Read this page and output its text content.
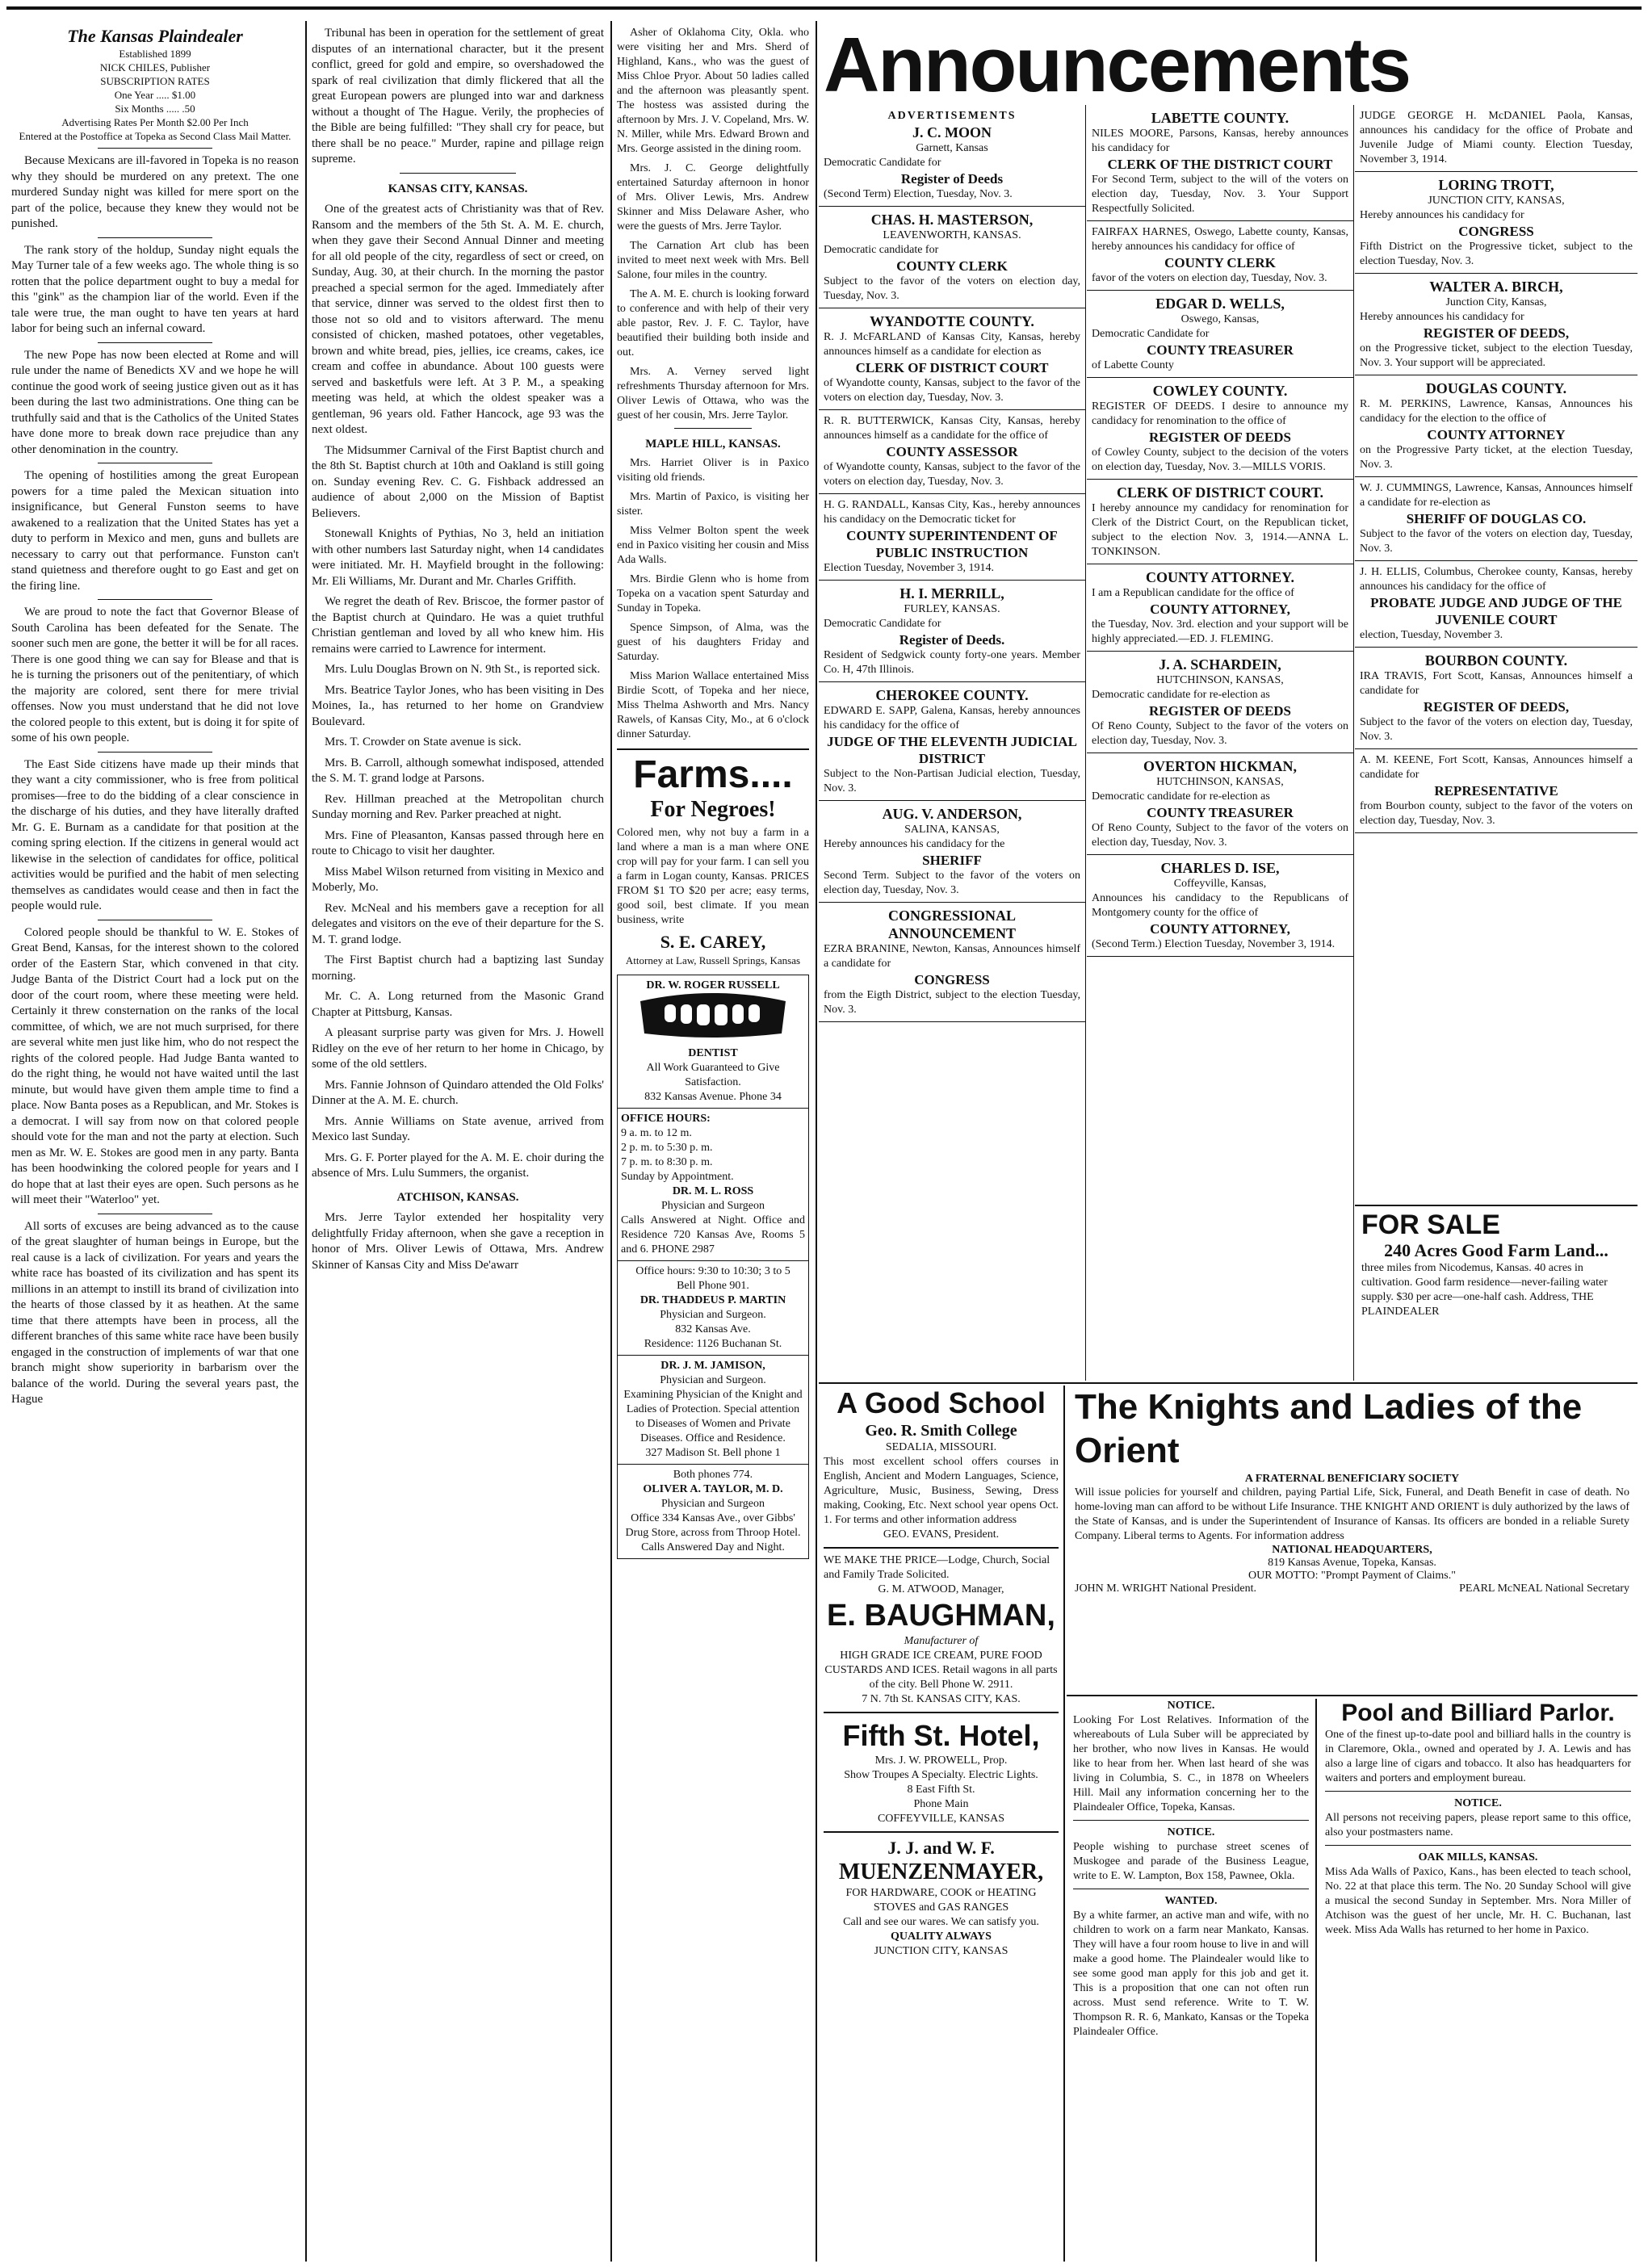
The Kansas Plaindealer
Established 1899
NICK CHILES, Publisher
SUBSCRIPTION RATES
One Year ..... $1.00
Six Months ..... .50
Advertising Rates Per Month $2.00 Per Inch
Entered at the Postoffice at Topeka as Second Class Mail Matter.

Because Mexicans are ill-favored in Topeka is no reason why they should be murdered on any pretext. The one murdered Sunday night was killed for mere sport on the part of the police, because they knew they would not be punished.

The rank story of the holdup, Sunday night equals the May Turner tale of a few weeks ago. The whole thing is so rotten that the police department ought to buy a medal for this "gink" as the champion liar of the world. Even if the tale were true, the man ought to have ten years at hard labor for being such an infernal coward.

The new Pope has now been elected at Rome and will rule under the name of Benedicts XV and we hope he will continue the good work of seeing justice given out as it has been during the last two administrations. One thing can be truthfully said and that is the Catholics of the United States have done more to break down race prejudice than any other denomination in the country.

The opening of hostilities among the great European powers for a time paled the Mexican situation into insignificance, but General Funston seems to have awakened to a realization that the United States has yet a duty to perform in Mexico and men, guns and bullets are necessary to carry out that performance. Funston can't stand quietness and therefore ought to go East and get on the firing line.

We are proud to note the fact that Governor Blease of South Carolina has been defeated for the Senate. The sooner such men are gone, the better it will be for all races. There is one good thing we can say for Blease and that is he is turning the prisoners out of the penitentiary, of which the majority are colored, sent there for mere trivial offenses. Now you must understand that he did not love the colored people to this extent, but is doing it for spite of some of his own people.

The East Side citizens have made up their minds that they want a city commissioner, who is free from political promises—free to do the bidding of a clear conscience in the discharge of his duties, and they have literally drafted Mr. G. E. Burnam as a candidate for that position at the coming spring election. If the citizens in general would act likewise in the selection of candidates for office, political activities would be purified and the habit of men selecting themselves as candidates would cease and then in fact the people would rule.

Colored people should be thankful to W. E. Stokes of Great Bend, Kansas, for the interest shown to the colored order of the Eastern Star, which convened in that city. Judge Banta of the District Court had a lock put on the door of the court room, where these meeting were held. Certainly it threw consternation on the ranks of the local committee, of which, we are not much surprised, for there are several white men just like him, who do not respect the rights of the colored people. Had Judge Banta wanted to do the right thing, he would not have waited until the last minute, but would have given them ample time to find a place. Now Banta poses as a Republican, and Mr. Stokes is a democrat. I will say from now on that colored people should vote for the man and not the party at election. Such men as Mr. W. E. Stokes are good men in any party. Banta has been hoodwinking the colored people for years and I do hope that at last their eyes are open. Such persons as he will meet their "Waterloo" yet.

All sorts of excuses are being advanced as to the cause of the great slaughter of human beings in Europe, but the real cause is a lack of civilization. For years and years the white race has boasted of its civilization and has spent its millions in an attempt to instill its brand of civilization into the hearts of those classed by it as heathen. At the same time that there attempts have been in process, all the different branches of this same white race have been busily engaged in the construction of implements of war that one branch might show superiority in barbarism over the balance of the world. During the several years past, the Hague

Tribunal has been in operation for the settlement of great disputes of an international character, but it the present conflict, greed for gold and empire, so overshadowed the spark of real civilization that dimly flickered that all the great European powers are plunged into war and darkness without a thought of The Hague. Verily, the prophecies of the Bible are being fulfilled: "They shall cry for peace, but there shall be no peace." Murder, rapine and pillage reign supreme.

KANSAS CITY, KANSAS.

One of the greatest acts of Christianity was that of Rev. Ransom and the members of the 5th St. A. M. E. church, when they gave their Second Annual Dinner and meeting for all old people of the city, regardless of sect or creed, on Sunday, Aug. 30, at their church. In the morning the pastor preached a special sermon for the aged. Immediately after that service, dinner was served to the oldest first then to those not so old and to visitors afterward. The menu consisted of chicken, mashed potatoes, other vegetables, brown and white bread, pies, jellies, ice creams, cakes, ice cream and coffee in abundance. About 100 guests were served and basketfuls were left. At 3 P. M., a speaking meeting was held, at which the oldest speaker was a gentleman, 96 years old. Father Hancock, age 93 was the next oldest.

The Midsummer Carnival of the First Baptist church and the 8th St. Baptist church at 10th and Oakland is still going on. Sunday evening Rev. C. G. Fishback addressed an audience of about 2,000 on the Mission of Baptist Believers.

Stonewall Knights of Pythias, No 3, held an initiation with other numbers last Saturday night, when 14 candidates were initiated. Mr. H. Mayfield brought in the following: Mr. Eli Williams, Mr. Durant and Mr. Charles Griffith.

We regret the death of Rev. Briscoe, the former pastor of the Baptist church at Quindaro. He was a quiet truthful Christian gentleman and loved by all who knew him. His remains were carried to Lawrence for interment.

Mrs. Lulu Douglas Brown on N. 9th St., is reported sick.

Mrs. Beatrice Taylor Jones, who has been visiting in Des Moines, Ia., has returned to her home on Grandview Boulevard.

Mrs. T. Crowder on State avenue is sick.

Mrs. B. Carroll, although somewhat indisposed, attended the S. M. T. grand lodge at Parsons.

Rev. Hillman preached at the Metropolitan church Sunday morning and Rev. Parker preached at night.

Mrs. Fine of Pleasanton, Kansas passed through here en route to Chicago to visit her daughter.

Miss Mabel Wilson returned from visiting in Mexico and Moberly, Mo.

Rev. McNeal and his members gave a reception for all delegates and visitors on the eve of their departure for the S. M. T. grand lodge.

The First Baptist church had a baptizing last Sunday morning.

Mr. C. A. Long returned from the Masonic Grand Chapter at Pittsburg, Kansas.

A pleasant surprise party was given for Mrs. J. Howell Ridley on the eve of her return to her home in Chicago, by some of the old settlers.

Mrs. Fannie Johnson of Quindaro attended the Old Folks' Dinner at the A. M. E. church.

Mrs. Annie Williams on State avenue, arrived from Mexico last Sunday.

Mrs. G. F. Porter played for the A. M. E. choir during the absence of Mrs. Lulu Summers, the organist.

ATCHISON, KANSAS.

Mrs. Jerre Taylor extended her hospitality very delightfully Friday afternoon, when she gave a reception in honor of Mrs. Oliver Lewis of Ottawa, Mrs. Andrew Skinner of Kansas City and Miss De'awarr

Asher of Oklahoma City, Okla. who were visiting her and Mrs. Sherd of Highland, Kans., who was the guest of Miss Chloe Pryor. About 50 ladies called and the afternoon was pleasantly spent. The hostess was assisted during the afternoon by Mrs. J. V. Copeland, Mrs. W. N. Miller, while Mrs. Edward Brown and Mrs. George assisted in the dining room.

Mrs. J. C. George delightfully entertained Saturday afternoon in honor of Mrs. Oliver Lewis, Mrs. Andrew Skinner and Miss Delaware Asher, who were the guests of Mrs. Jerre Taylor.

The Carnation Art club has been invited to meet next week with Mrs. Bell Salone, four miles in the country.

The A. M. E. church is looking forward to conference and with help of their very able pastor, Rev. J. F. C. Taylor, have beautified their building both inside and out.

Mrs. A. Verney served light refreshments Thursday afternoon for Mrs. Oliver Lewis of Ottawa, who was the guest of her cousin, Mrs. Jerre Taylor.

MAPLE HILL, KANSAS.

Mrs. Harriet Oliver is in Paxico visiting old friends.

Mrs. Martin of Paxico, is visiting her sister.

Miss Velmer Bolton spent the week end in Paxico visiting her cousin and Miss Ada Walls.

Mrs. Birdie Glenn who is home from Topeka on a vacation spent Saturday and Sunday in Topeka.

Spence Simpson, of Alma, was the guest of his daughters Friday and Saturday.

Miss Marion Wallace entertained Miss Birdie Scott, of Topeka and her niece, Miss Thelma Ashworth and Mrs. Nancy Rawels, of Kansas City, Mo., at 6 o'clock dinner Saturday.

Farms....
For Negroes!

Colored men, why not buy a farm in a land where a man is a man where ONE crop will pay for your farm. I can sell you a farm in Logan county, Kansas. PRICES FROM $1 TO $20 per acre; easy terms, good soil, best climate. If you mean business, write

S. E. CAREY,
Attorney at Law, Russell Springs, Kansas
DR. W. ROGER RUSSELL
DENTIST
All Work Guaranteed to Give Satisfaction.
832 Kansas Avenue. Phone 34
OFFICE HOURS:
9 a. m. to 12 m.
2 p. m. to 5:30 p. m.
7 p. m. to 8:30 p. m.
Sunday by Appointment.
DR. M. L. ROSS
Physician and Surgeon
Calls Answered at Night. Office and Residence 720 Kansas Ave, Rooms 5 and 6. PHONE 2987
Office hours: 9:30 to 10:30; 3 to 5
Bell Phone 901.
DR. THADDEUS P. MARTIN
Physician and Surgeon.
832 Kansas Ave.
Residence: 1126 Buchanan St.
DR. J. M. JAMISON,
Physician and Surgeon.
Examining Physician of the Knight and Ladies of Protection. Special attention to Diseases of Women and Private Diseases. Office and Residence.
327 Madison St. Bell phone 1
Both phones 774.
OLIVER A. TAYLOR, M. D.
Physician and Surgeon
Office 334 Kansas Ave., over Gibbs' Drug Store, across from Throop Hotel. Calls Answered Day and Night.
Announcements
ADVERTISEMENTS
J. C. MOON
Garnett, Kansas
Democratic Candidate for
Register of Deeds
(Second Term) Election, Tuesday, Nov. 3.
CHAS. H. MASTERSON,
LEAVENWORTH, KANSAS.
Democratic candidate for
COUNTY CLERK
Subject to the favor of the voters on election day, Tuesday, Nov. 3.
WYANDOTTE COUNTY.
R. J. McFARLAND of Kansas City, Kansas, hereby announces himself as a candidate for election as
CLERK OF DISTRICT COURT
of Wyandotte county, Kansas, subject to the favor of the voters on election day, Tuesday, Nov. 3.
R. R. BUTTERWICK, Kansas City, Kansas, hereby announces himself as a candidate for the office of
COUNTY ASSESSOR
of Wyandotte county, Kansas, subject to the favor of the voters on election day, Tuesday, Nov. 3.
H. G. RANDALL, Kansas City, Kas., hereby announces his candidacy on the Democratic ticket for
COUNTY SUPERINTENDENT OF PUBLIC INSTRUCTION
Election Tuesday, November 3, 1914.
H. I. MERRILL,
FURLEY, KANSAS.
Democratic Candidate for
Register of Deeds.
Resident of Sedgwick county forty-one years. Member Co. H, 47th Illinois.
CHEROKEE COUNTY.
EDWARD E. SAPP, Galena, Kansas, hereby announces his candidacy for the office of
JUDGE OF THE ELEVENTH JUDICIAL DISTRICT
Subject to the Non-Partisan Judicial election, Tuesday, Nov. 3.
AUG. V. ANDERSON,
SALINA, KANSAS,
Hereby announces his candidacy for the
SHERIFF
Second Term. Subject to the favor of the voters on election day, Tuesday, Nov. 3.
CONGRESSIONAL ANNOUNCEMENT
EZRA BRANINE, Newton, Kansas, Announces himself a candidate for
CONGRESS
from the Eigth District, subject to the election Tuesday, Nov. 3.
LABETTE COUNTY.
NILES MOORE, Parsons, Kansas, hereby announces his candidacy for
CLERK OF THE DISTRICT COURT
For Second Term, subject to the will of the voters on election day, Tuesday, Nov. 3. Your Support Respectfully Solicited.
FAIRFAX HARNES, Oswego, Labette county, Kansas, hereby announces his candidacy for office of
COUNTY CLERK
favor of the voters on election day, Tuesday, Nov. 3.
EDGAR D. WELLS,
Oswego, Kansas,
Democratic Candidate for
COUNTY TREASURER
of Labette County
COWLEY COUNTY.
REGISTER OF DEEDS. I desire to announce my candidacy for renomination to the office of
REGISTER OF DEEDS
of Cowley County, subject to the decision of the voters on election day, Tuesday, Nov. 3.—MILLS VORIS.
CLERK OF DISTRICT COURT.
I hereby announce my candidacy for renomination for Clerk of the District Court, on the Republican ticket, subject to the election Nov. 3, 1914.—ANNA L. TONKINSON.
COUNTY ATTORNEY.
I am a Republican candidate for the office of
COUNTY ATTORNEY,
the Tuesday, Nov. 3rd. election and your support will be highly appreciated.—ED. J. FLEMING.
J. A. SCHARDEIN,
HUTCHINSON, KANSAS,
Democratic candidate for re-election as
REGISTER OF DEEDS
Of Reno County, Subject to the favor of the voters on election day, Tuesday, Nov. 3.
OVERTON HICKMAN,
HUTCHINSON, KANSAS,
Democratic candidate for re-election as
COUNTY TREASURER
Of Reno County, Subject to the favor of the voters on election day, Tuesday, Nov. 3.
CHARLES D. ISE,
Coffeyville, Kansas,
Announces his candidacy to the Republicans of Montgomery county for the office of
COUNTY ATTORNEY,
(Second Term.) Election Tuesday, November 3, 1914.
JUDGE GEORGE H. McDANIEL Paola, Kansas, announces his candidacy for the office of Probate and Juvenile Judge of Miami county. Election Tuesday, November 3, 1914.
LORING TROTT,
JUNCTION CITY, KANSAS,
Hereby announces his candidacy for
CONGRESS
Fifth District on the Progressive ticket, subject to the election Tuesday, Nov. 3.
WALTER A. BIRCH,
Junction City, Kansas,
Hereby announces his candidacy for
REGISTER OF DEEDS,
on the Progressive ticket, subject to the election Tuesday, Nov. 3. Your support will be appreciated.
DOUGLAS COUNTY.
R. M. PERKINS, Lawrence, Kansas, Announces his candidacy for the election to the office of
COUNTY ATTORNEY
on the Progressive Party ticket, at the election Tuesday, Nov. 3.
W. J. CUMMINGS, Lawrence, Kansas, Announces himself a candidate for re-election as
SHERIFF OF DOUGLAS CO.
Subject to the favor of the voters on election day, Tuesday, Nov. 3.
J. H. ELLIS, Columbus, Cherokee county, Kansas, hereby announces his candidacy for the office of
PROBATE JUDGE AND JUDGE OF THE JUVENILE COURT
election, Tuesday, November 3.
BOURBON COUNTY.
IRA TRAVIS, Fort Scott, Kansas, Announces himself a candidate for
REGISTER OF DEEDS,
Subject to the favor of the voters on election day, Tuesday, Nov. 3.
A. M. KEENE, Fort Scott, Kansas, Announces himself a candidate for
REPRESENTATIVE
from Bourbon county, subject to the favor of the voters on election day, Tuesday, Nov. 3.
FOR SALE
240 Acres Good Farm Land...
three miles from Nicodemus, Kansas. 40 acres in cultivation. Good farm residence—never-failing water supply. $30 per acre—one-half cash. Address, THE PLAINDEALER
A Good School
Geo. R. Smith College
SEDALIA, MISSOURI.
This most excellent school offers courses in English, Ancient and Modern Languages, Science, Agriculture, Music, Business, Sewing, Dress making, Cooking, Etc. Next school year opens Oct. 1. For terms and other information address
GEO. EVANS, President.
WE MAKE THE PRICE—Lodge, Church, Social and Family Trade Solicited.
G. M. ATWOOD, Manager,
E. BAUGHMAN,
Manufacturer of
HIGH GRADE ICE CREAM, PURE FOOD CUSTARDS AND ICES. Retail wagons in all parts of the city. Bell Phone W. 2911.
7 N. 7th St. KANSAS CITY, KAS.
Fifth St. Hotel,
Mrs. J. W. PROWELL, Prop.
Show Troupes A Specialty. Electric Lights.
8 East Fifth St.
Phone Main
COFFEYVILLE, KANSAS
J. J. and W. F.
MUENZENMAYER,
FOR HARDWARE, COOK or HEATING STOVES and GAS RANGES
Call and see our wares. We can satisfy you.
QUALITY ALWAYS
JUNCTION CITY, KANSAS
The Knights and Ladies of the Orient
A FRATERNAL BENEFICIARY SOCIETY
Will issue policies for yourself and children, paying Partial Life, Sick, Funeral, and Death Benefit in case of death. No home-loving man can afford to be without Life Insurance. THE KNIGHT AND ORIENT is duly authorized by the laws of the State of Kansas, and is under the Superintendent of Insurance of Kansas. Its officers are bonded in a reliable Surety Company. Liberal terms to Agents. For information address
NATIONAL HEADQUARTERS,
819 Kansas Avenue, Topeka, Kansas.
OUR MOTTO: "Prompt Payment of Claims."
JOHN M. WRIGHT National President.	PEARL McNEAL National Secretary
NOTICE.
Looking For Lost Relatives. Information of the whereabouts of Lula Suber will be appreciated by her brother, who now lives in Kansas. He would like to hear from her. When last heard of she was living in Columbia, S. C., in 1878 on Wheelers Hill. Mail any information concerning her to the Plaindealer Office, Topeka, Kansas.
NOTICE.
People wishing to purchase street scenes of Muskogee and parade of the Business League, write to E. W. Lampton, Box 158, Pawnee, Okla.
WANTED.
By a white farmer, an active man and wife, with no children to work on a farm near Mankato, Kansas. They will have a four room house to live in and will make a good home. The Plaindealer would like to see some good man apply for this job and get it. This is a proposition that one can not often run across. Must send reference. Write to T. W. Thompson R. R. 6, Mankato, Kansas or the Topeka Plaindealer Office.
Pool and Billiard Parlor.
One of the finest up-to-date pool and billiard halls in the country is in Claremore, Okla., owned and operated by J. A. Lewis and has also a large line of cigars and tobacco. It also has headquarters for waiters and porters and employment bureau.
NOTICE.
All persons not receiving papers, please report same to this office, also your postmasters name.
OAK MILLS, KANSAS.
Miss Ada Walls of Paxico, Kans., has been elected to teach school, No. 22 at that place this term. The No. 20 Sunday School will give a musical the second Sunday in September. Mrs. Nora Miller of Atchison was the guest of her uncle, Mr. H. C. Buchanan, last week. Miss Ada Walls has returned to her home in Paxico.
